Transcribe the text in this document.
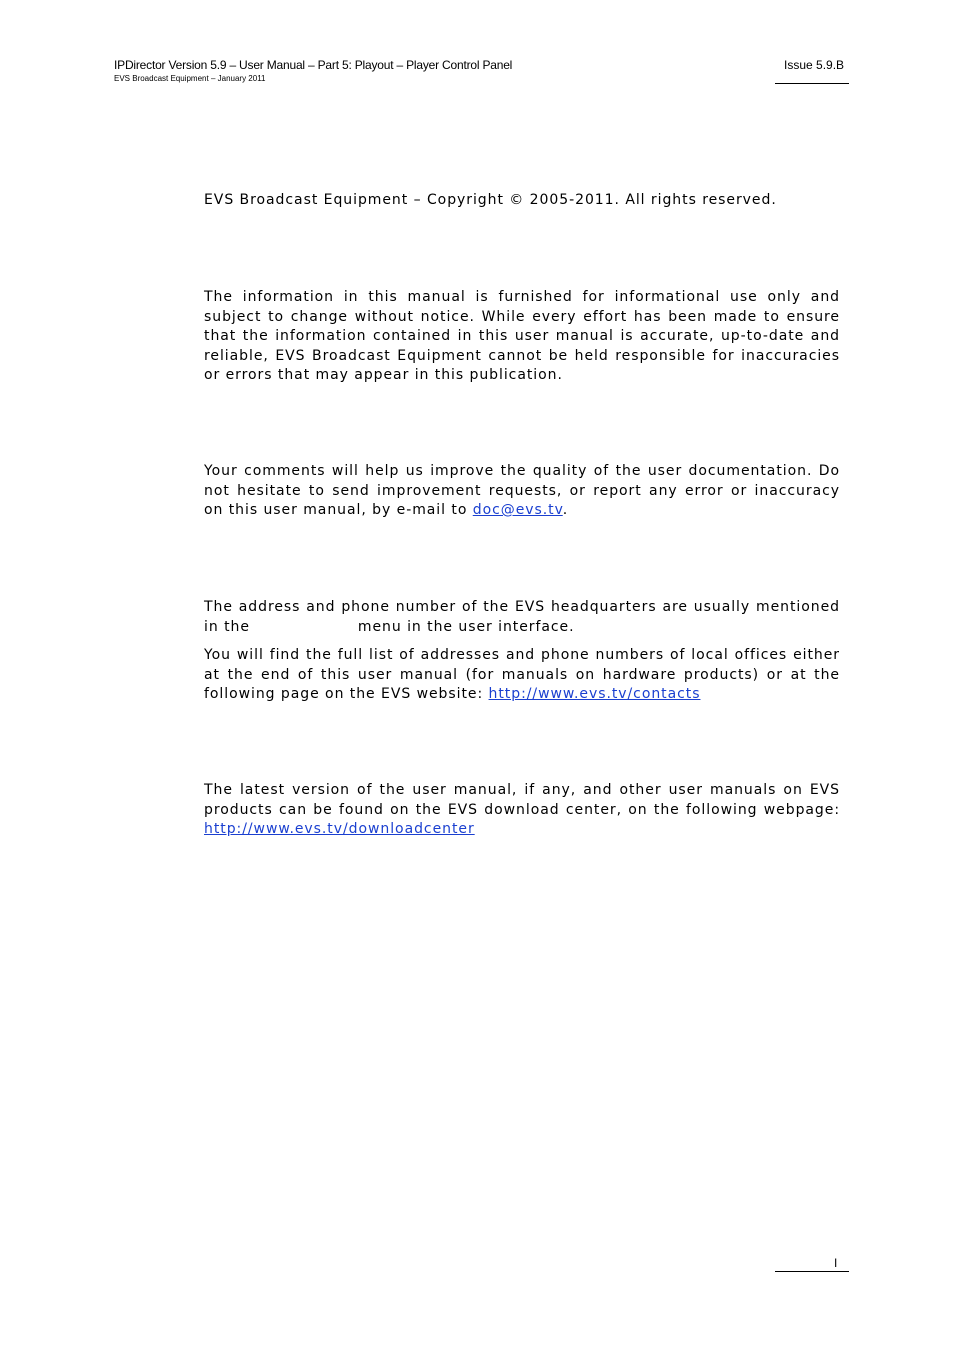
IPDirector Version 5.9 – User Manual – Part 5: Playout – Player Control Panel
EVS Broadcast Equipment – January 2011
Issue 5.9.B

EVS Broadcast Equipment – Copyright © 2005-2011. All rights reserved.

The information in this manual is furnished for informational use only and subject to change without notice. While every effort has been made to ensure that the information contained in this user manual is accurate, up-to-date and reliable, EVS Broadcast Equipment cannot be held responsible for inaccuracies or errors that may appear in this publication.

Your comments will help us improve the quality of the user documentation. Do not hesitate to send improvement requests, or report any error or inaccuracy on this user manual, by e-mail to doc@evs.tv.

The address and phone number of the EVS headquarters are usually mentioned in the	menu in the user interface.

You will find the full list of addresses and phone numbers of local offices either at the end of this user manual (for manuals on hardware products) or at the following page on the EVS website: http://www.evs.tv/contacts

The latest version of the user manual, if any, and other user manuals on EVS products can be found on the EVS download center, on the following webpage: http://www.evs.tv/downloadcenter

I
